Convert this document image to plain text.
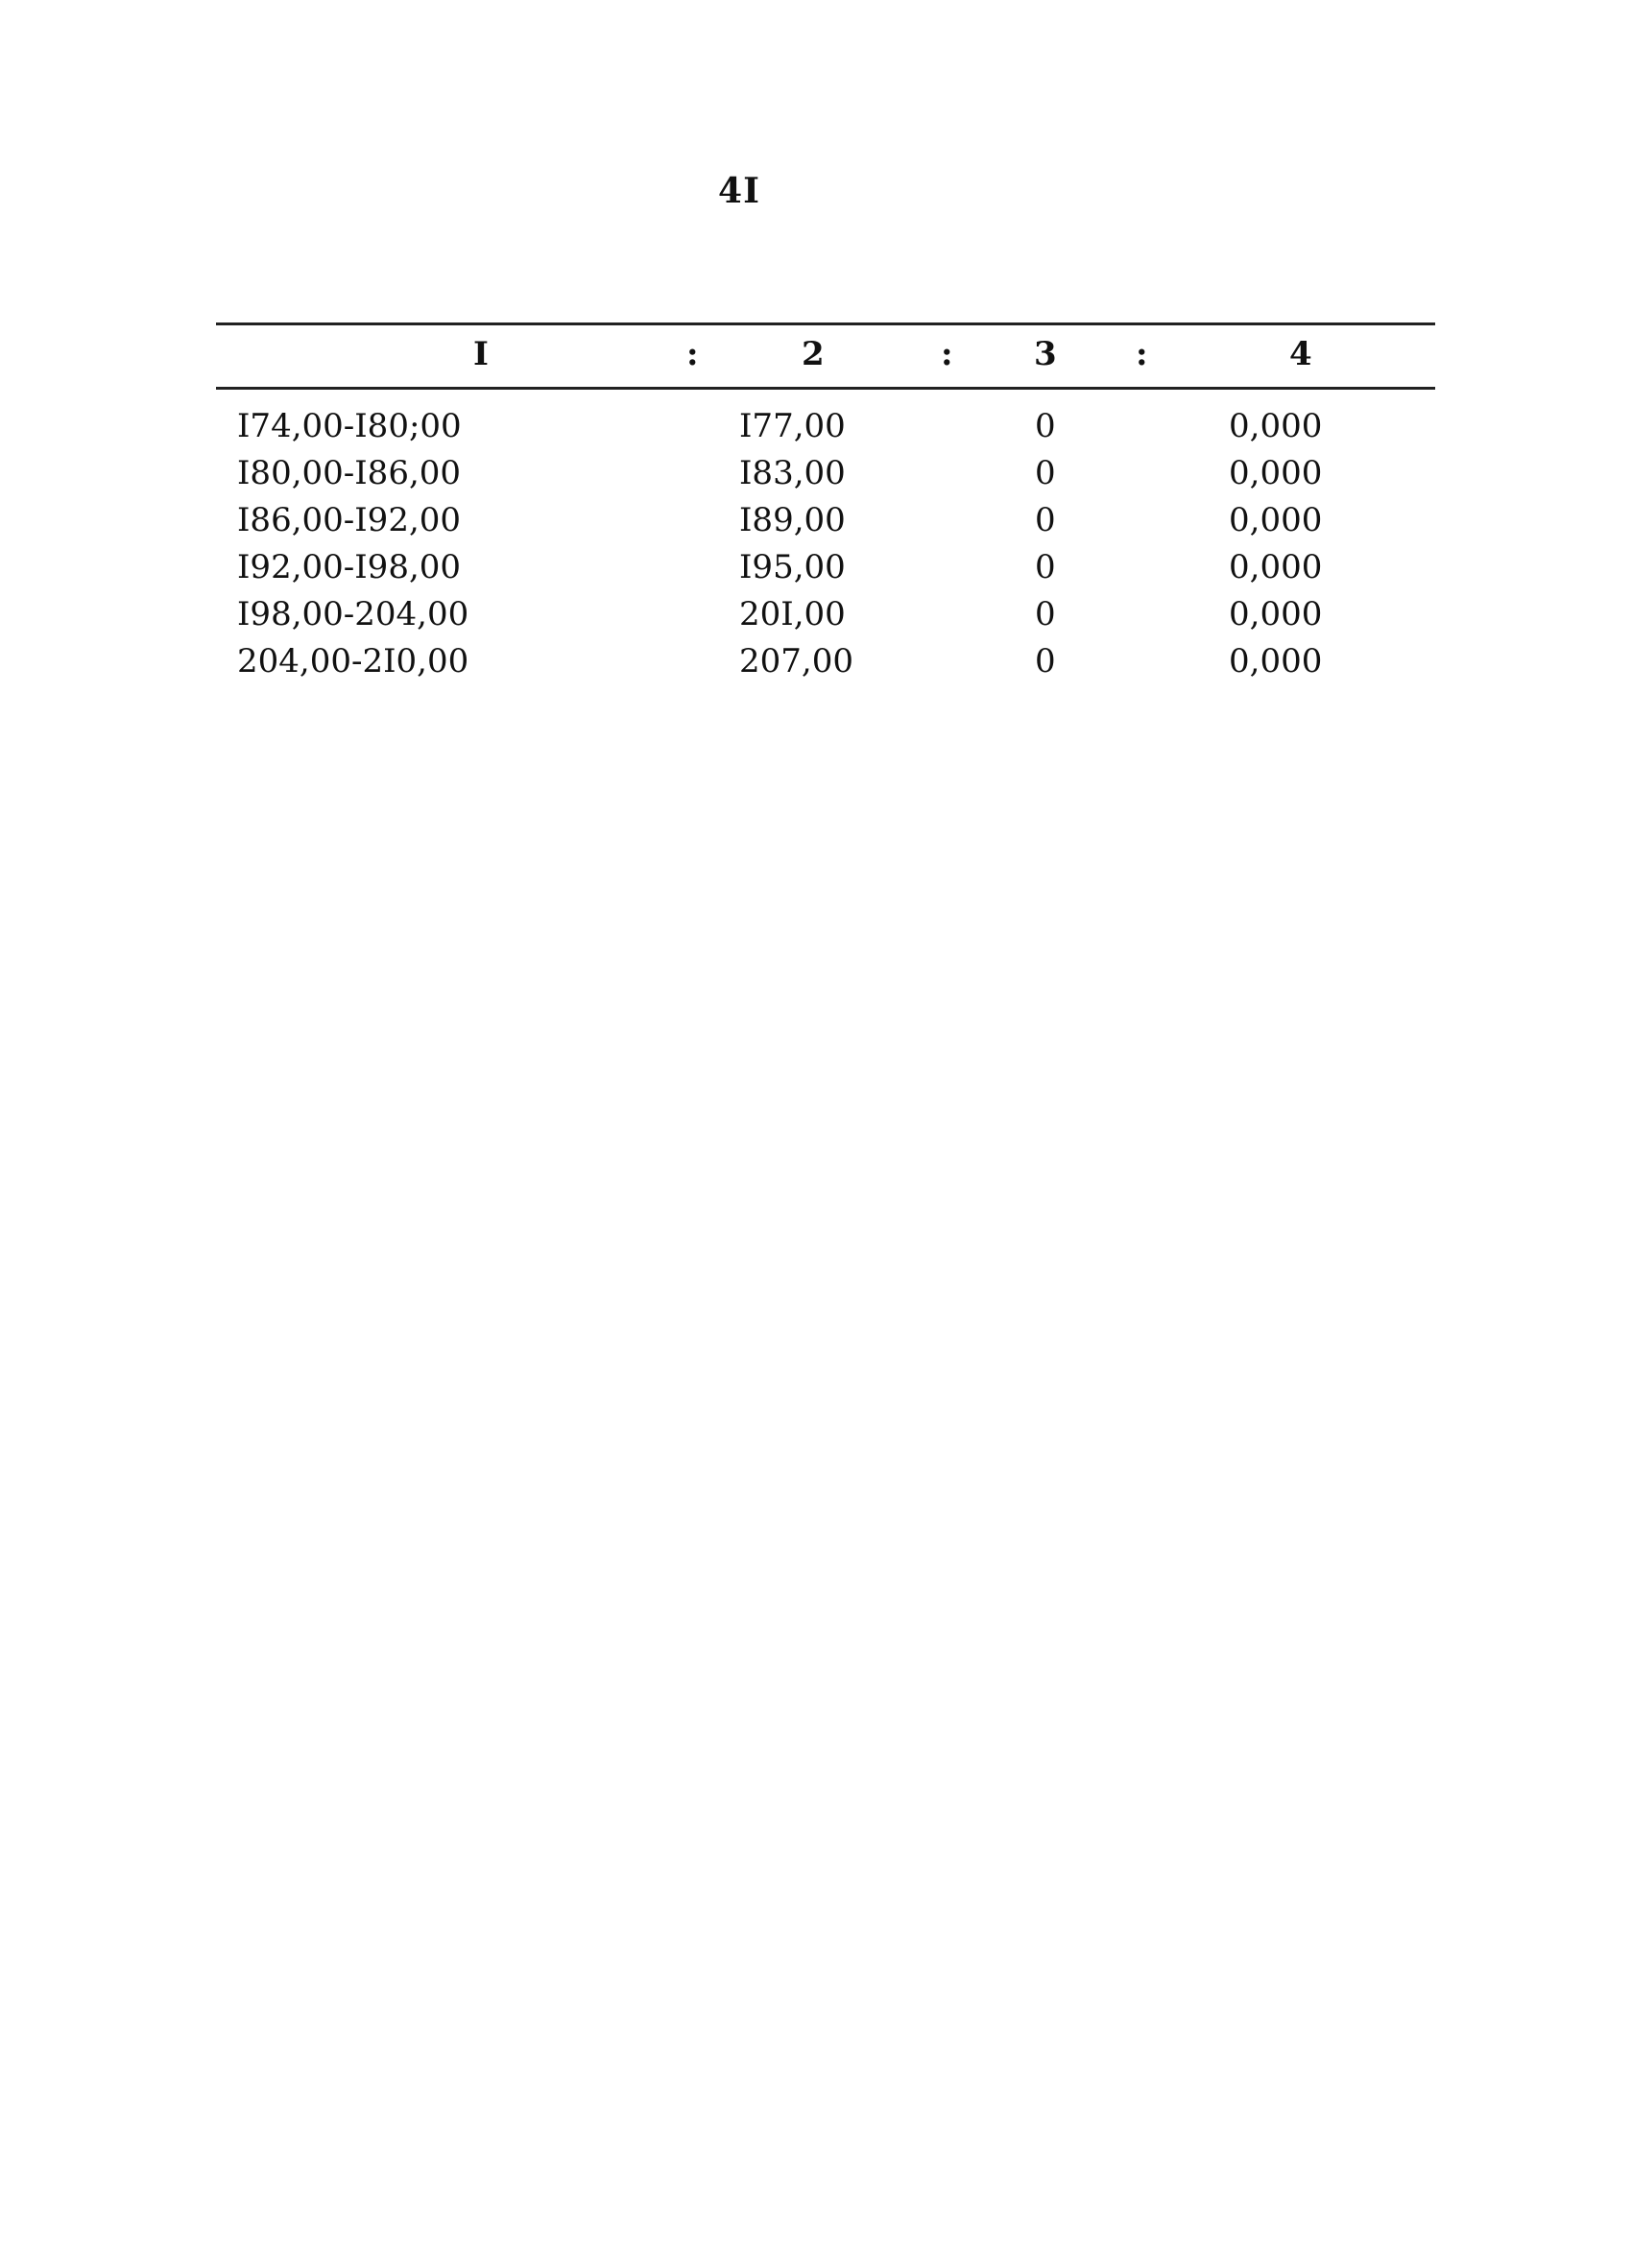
4I
I	:	2	: 3 :	4
I74,00-I80;00	I77,00	0	0,000
I80,00-I86,00	I83,00	0	0,000
I86,00-I92,00	I89,00	0	0,000
I92,00-I98,00	I95,00	0	0,000
I98,00-204,00	20I,00	0	0,000
204,00-2I0,00	207,00	0	0,000
